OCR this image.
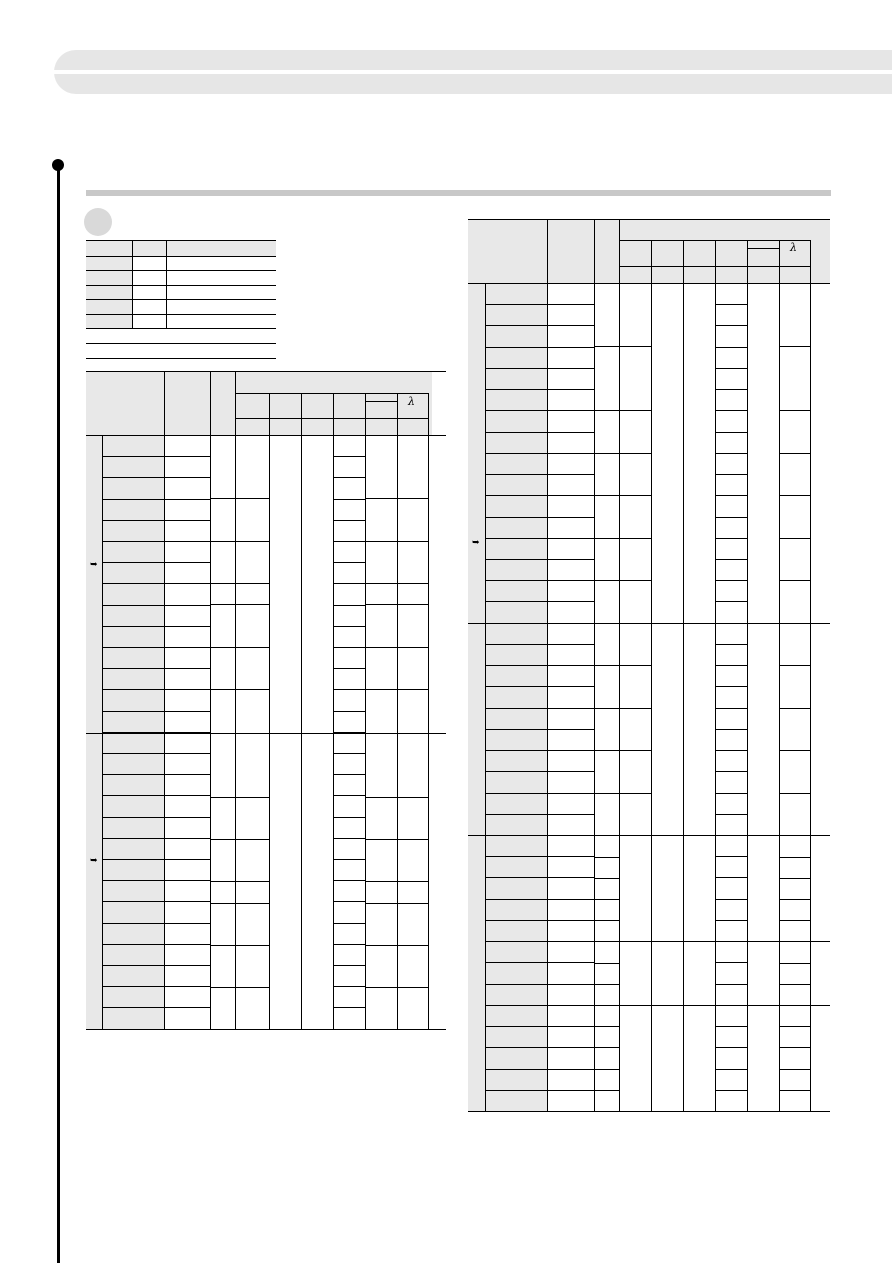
λ
λ
➥
➥
➥
